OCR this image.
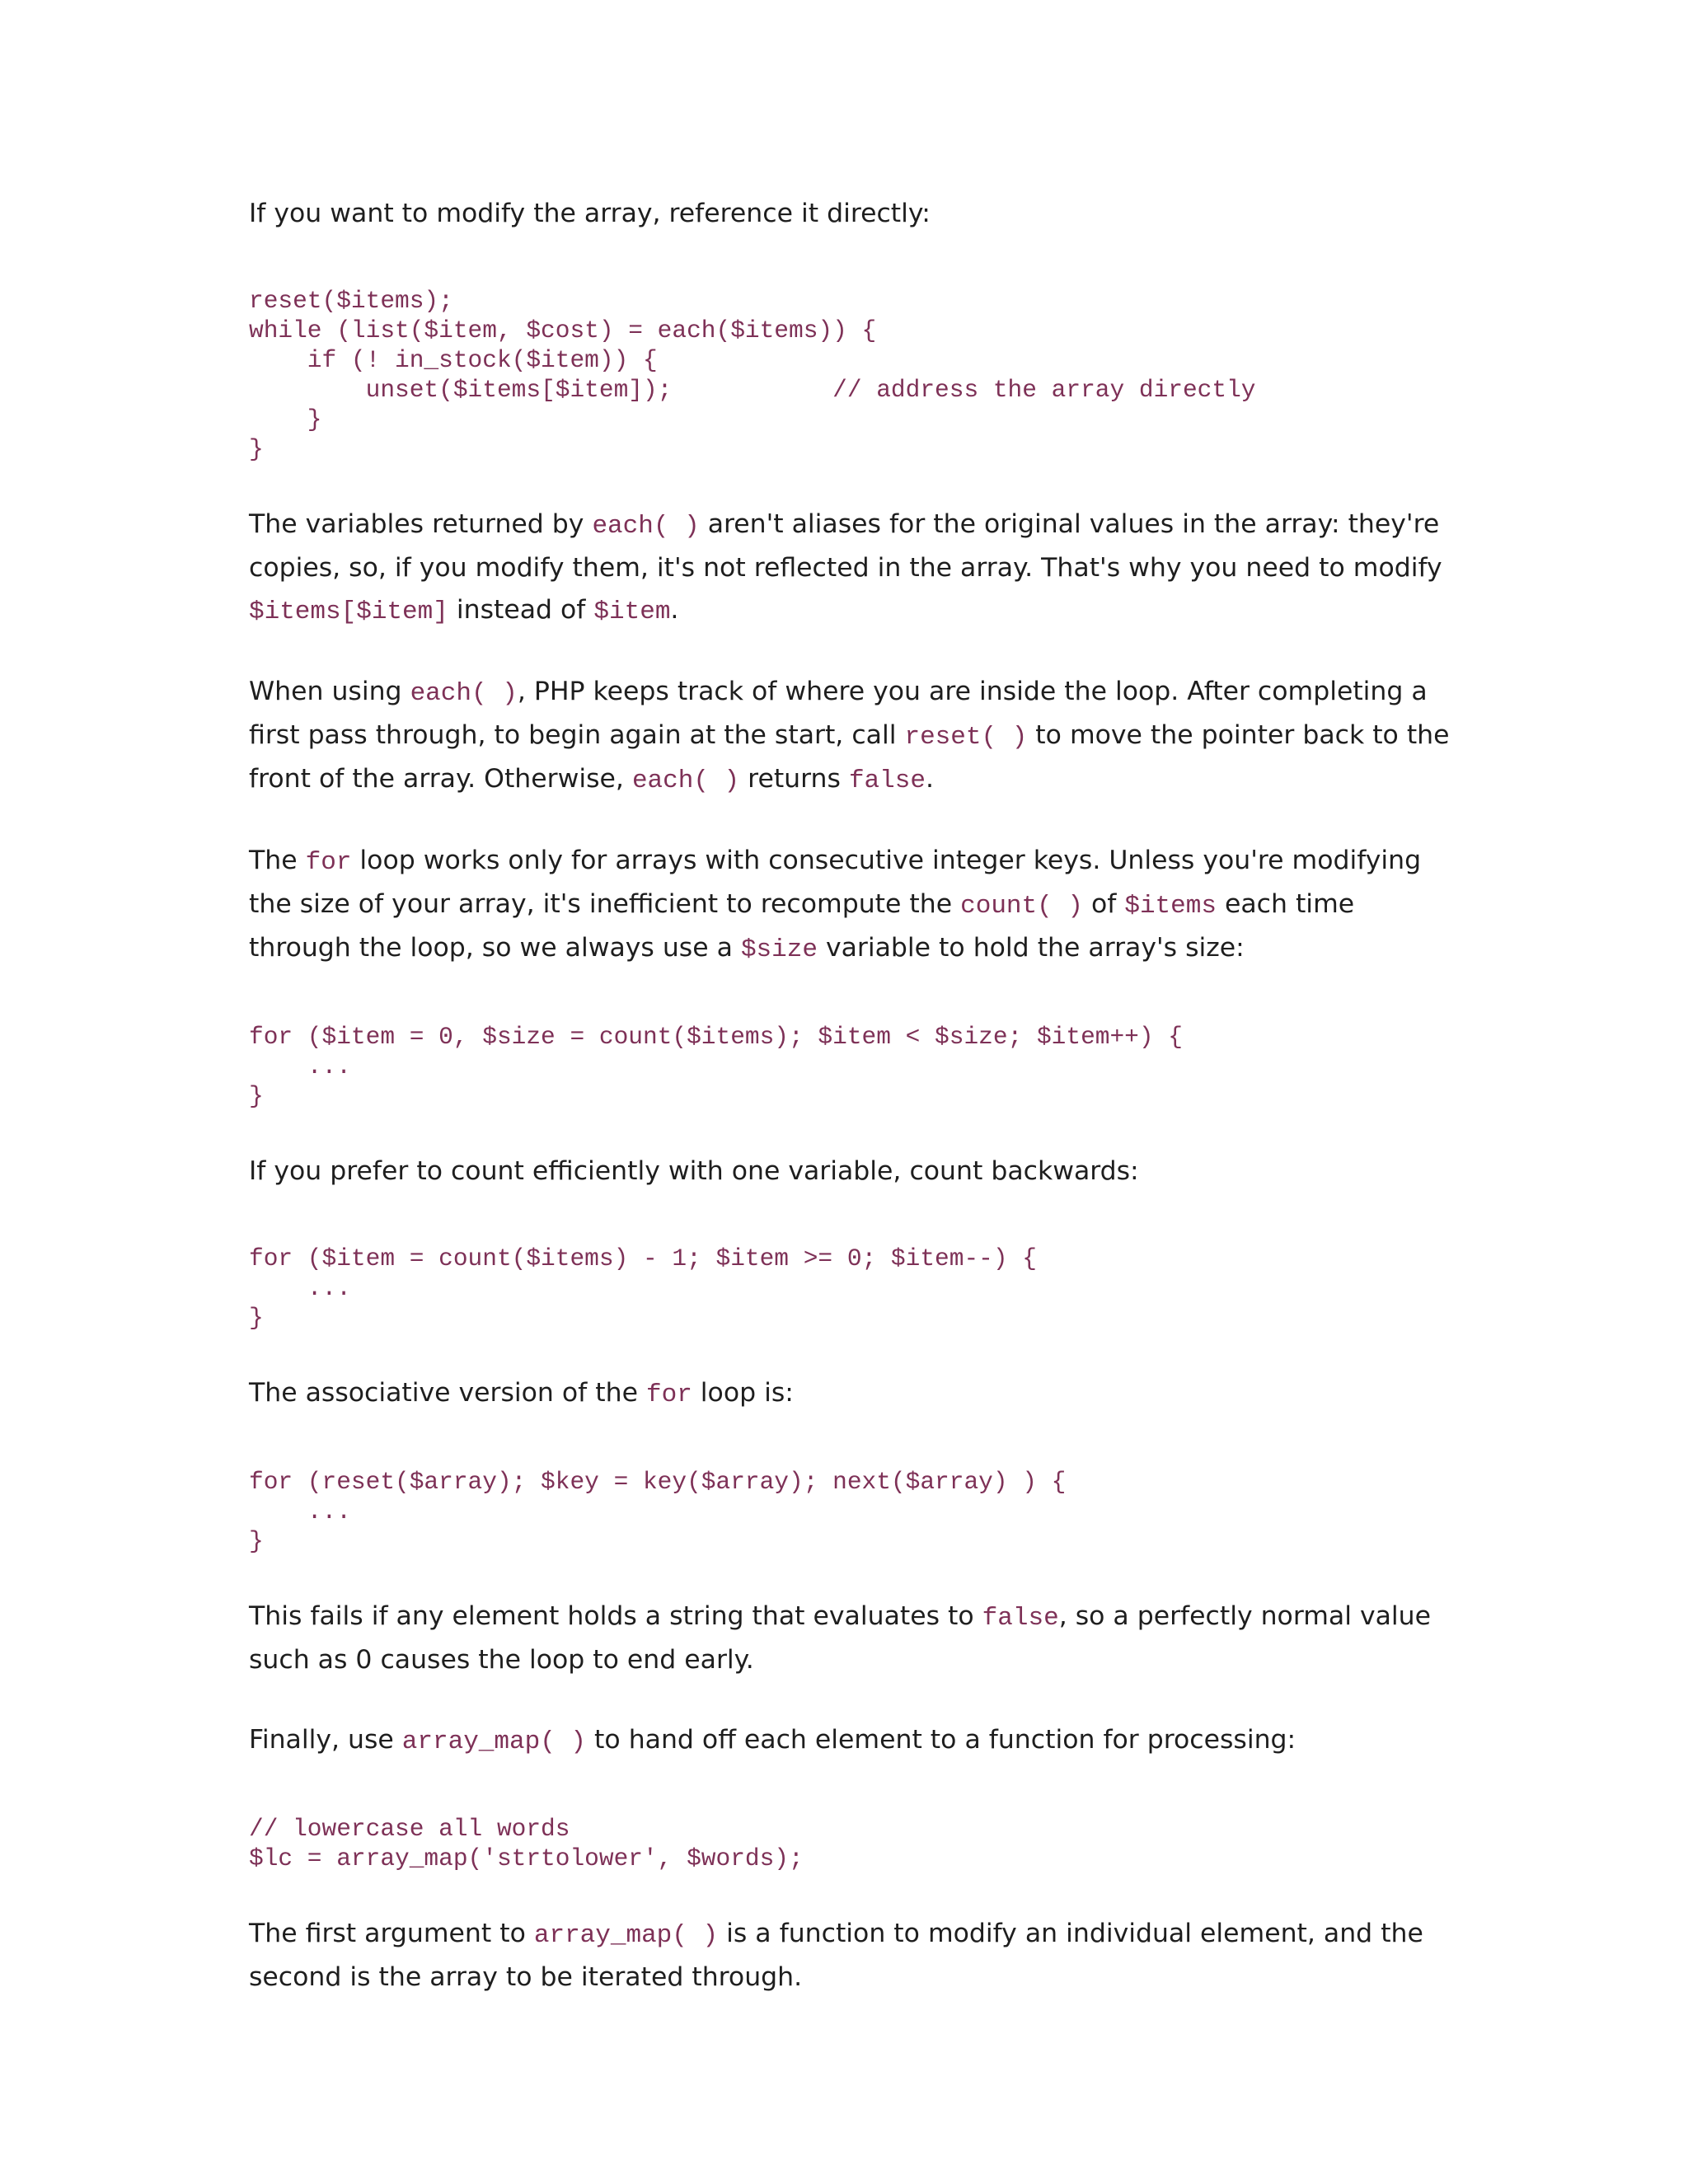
If you want to modify the array, reference it directly:

reset($items);
while (list($item, $cost) = each($items)) {
if (! in_stock($item)) {
unset($items[$item]);           // address the array directly
}
}

The variables returned by each( ) aren't aliases for the original values in the array: they're copies, so, if you modify them, it's not reflected in the array. That's why you need to modify $items[$item] instead of $item.

When using each( ), PHP keeps track of where you are inside the loop. After completing a first pass through, to begin again at the start, call reset( ) to move the pointer back to the front of the array. Otherwise, each( ) returns false.

The for loop works only for arrays with consecutive integer keys. Unless you're modifying the size of your array, it's inefficient to recompute the count( ) of $items each time through the loop, so we always use a $size variable to hold the array's size:

for ($item = 0, $size = count($items); $item < $size; $item++) {
...
}

If you prefer to count efficiently with one variable, count backwards:

for ($item = count($items) - 1; $item >= 0; $item--) {
...
}

The associative version of the for loop is:

for (reset($array); $key = key($array); next($array) ) {
...
}

This fails if any element holds a string that evaluates to false, so a perfectly normal value such as 0 causes the loop to end early.

Finally, use array_map( ) to hand off each element to a function for processing:

// lowercase all words
$lc = array_map('strtolower', $words);

The first argument to array_map( ) is a function to modify an individual element, and the second is the array to be iterated through.
